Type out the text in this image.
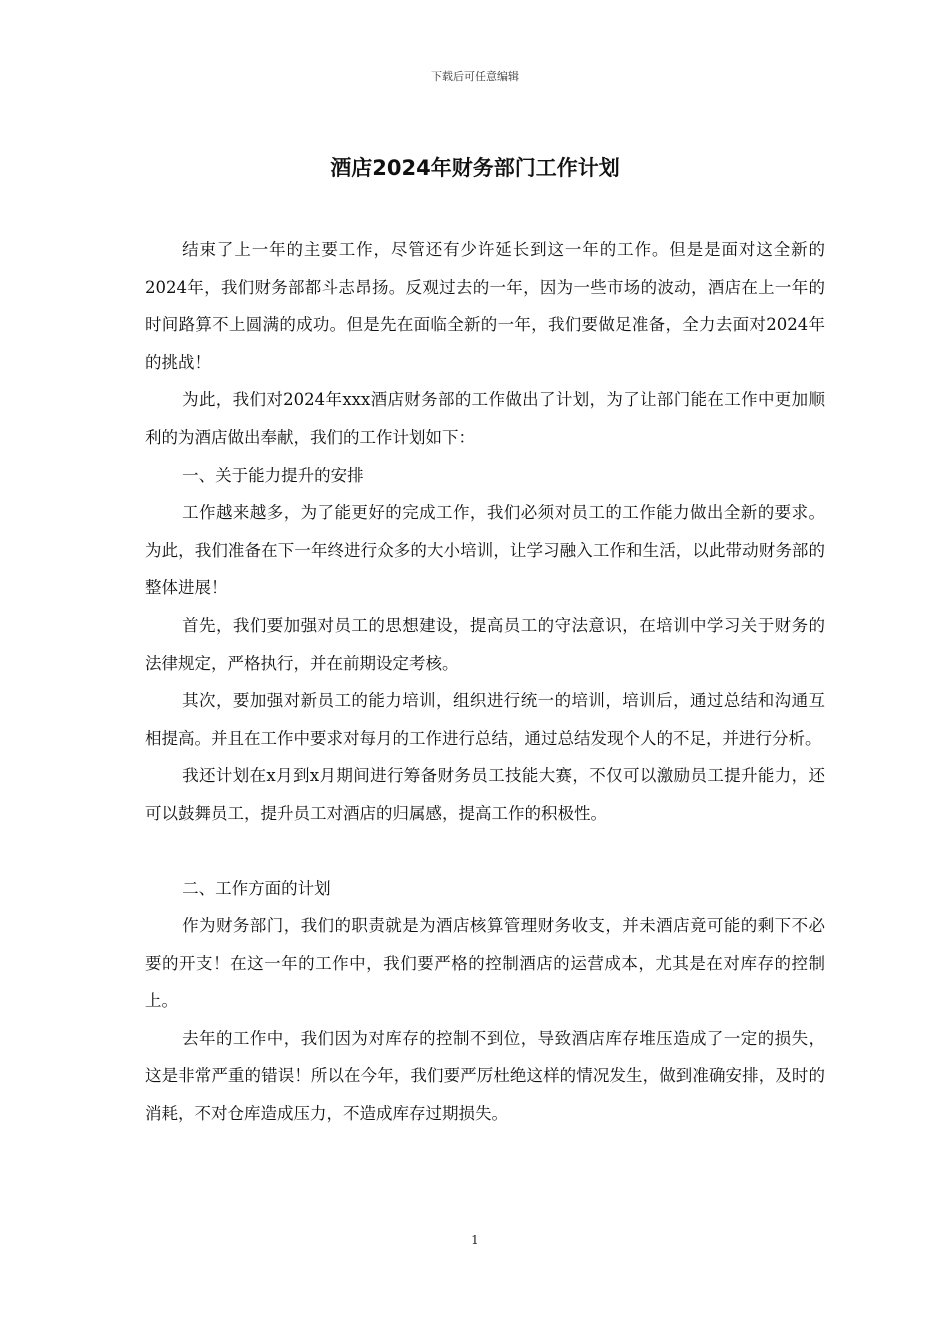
下载后可任意编辑
酒店2024年财务部门工作计划

结束了上一年的主要工作，尽管还有少许延长到这一年的工作。但是是面对这全新的2024年，我们财务部都斗志昂扬。反观过去的一年，因为一些市场的波动，酒店在上一年的时间路算不上圆满的成功。但是先在面临全新的一年，我们要做足准备，全力去面对2024年的挑战！

为此，我们对2024年xxx酒店财务部的工作做出了计划，为了让部门能在工作中更加顺利的为酒店做出奉献，我们的工作计划如下：

一、关于能力提升的安排

工作越来越多，为了能更好的完成工作，我们必须对员工的工作能力做出全新的要求。为此，我们准备在下一年终进行众多的大小培训，让学习融入工作和生活，以此带动财务部的整体进展！

首先，我们要加强对员工的思想建设，提高员工的守法意识，在培训中学习关于财务的法律规定，严格执行，并在前期设定考核。

其次，要加强对新员工的能力培训，组织进行统一的培训，培训后，通过总结和沟通互相提高。并且在工作中要求对每月的工作进行总结，通过总结发现个人的不足，并进行分析。

我还计划在x月到x月期间进行筹备财务员工技能大赛，不仅可以激励员工提升能力，还可以鼓舞员工，提升员工对酒店的归属感，提高工作的积极性。

二、工作方面的计划

作为财务部门，我们的职责就是为酒店核算管理财务收支，并未酒店竟可能的剩下不必要的开支！在这一年的工作中，我们要严格的控制酒店的运营成本，尤其是在对库存的控制上。

去年的工作中，我们因为对库存的控制不到位，导致酒店库存堆压造成了一定的损失，这是非常严重的错误！所以在今年，我们要严厉杜绝这样的情况发生，做到准确安排，及时的消耗，不对仓库造成压力，不造成库存过期损失。

1
